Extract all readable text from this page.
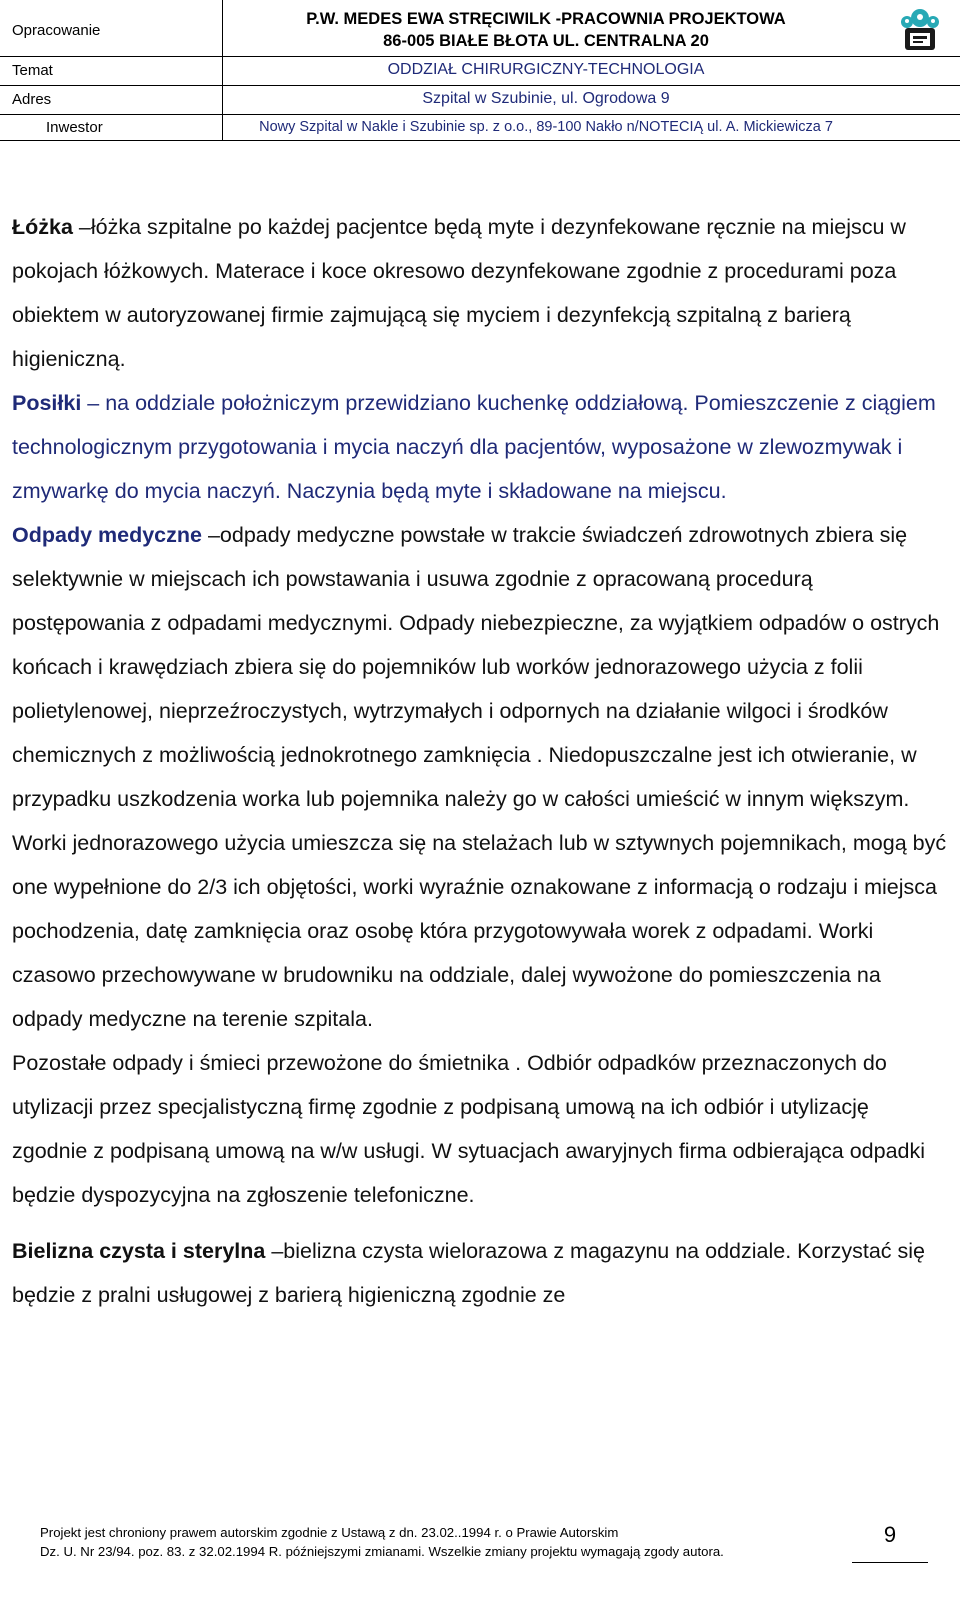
Opracowanie
P.W. MEDES EWA STRĘCIWILK -PRACOWNIA PROJEKTOWA
86-005 BIAŁE BŁOTA UL. CENTRALNA 20
Temat	ODDZIAŁ CHIRURGICZNY-TECHNOLOGIA
Adres	Szpital w Szubinie, ul. Ogrodowa 9
Inwestor	Nowy Szpital w Nakle i Szubinie sp. z o.o., 89-100 Nakło n/NOTECIĄ ul. A. Mickiewicza 7

Łóżka –łóżka szpitalne po każdej pacjentce będą myte i dezynfekowane ręcznie na miejscu w pokojach łóżkowych. Materace i koce okresowo dezynfekowane zgodnie z procedurami poza obiektem w autoryzowanej firmie zajmującą się myciem i dezynfekcją szpitalną z barierą higieniczną.

Posiłki – na oddziale położniczym przewidziano kuchenkę oddziałową. Pomieszczenie z ciągiem technologicznym przygotowania i mycia naczyń dla pacjentów, wyposażone w zlewozmywak i zmywarkę do mycia naczyń. Naczynia będą myte i składowane na miejscu.

Odpady medyczne –odpady medyczne powstałe w trakcie świadczeń zdrowotnych zbiera się selektywnie w miejscach ich powstawania i usuwa zgodnie z opracowaną procedurą postępowania z odpadami medycznymi. Odpady niebezpieczne, za wyjątkiem odpadów o ostrych końcach i krawędziach zbiera się do pojemników lub worków jednorazowego użycia z folii polietylenowej, nieprzeźroczystych, wytrzymałych i odpornych na działanie wilgoci i środków chemicznych z możliwością jednokrotnego zamknięcia . Niedopuszczalne jest ich otwieranie, w przypadku uszkodzenia worka lub pojemnika należy go w całości umieścić w innym większym. Worki jednorazowego użycia umieszcza się na stelażach lub w sztywnych pojemnikach, mogą być one wypełnione do 2/3 ich objętości, worki wyraźnie oznakowane z informacją o rodzaju i miejsca pochodzenia, datę zamknięcia oraz osobę która przygotowywała worek z odpadami. Worki czasowo przechowywane w brudowniku na oddziale, dalej wywożone do pomieszczenia na odpady medyczne na terenie szpitala.

Pozostałe odpady i śmieci przewożone do śmietnika . Odbiór odpadków przeznaczonych do utylizacji przez specjalistyczną firmę zgodnie z podpisaną umową na ich odbiór i utylizację zgodnie z podpisaną umową na w/w usługi. W sytuacjach awaryjnych firma odbierająca odpadki będzie dyspozycyjna na zgłoszenie telefoniczne.

Bielizna czysta i sterylna –bielizna czysta wielorazowa z magazynu na oddziale. Korzystać się będzie z pralni usługowej z barierą higieniczną zgodnie ze

Projekt jest chroniony prawem autorskim zgodnie z Ustawą z dn. 23.02..1994 r. o Prawie Autorskim
Dz. U. Nr 23/94. poz. 83. z 32.02.1994 R. późniejszymi zmianami. Wszelkie zmiany projektu wymagają zgody autora.
9
